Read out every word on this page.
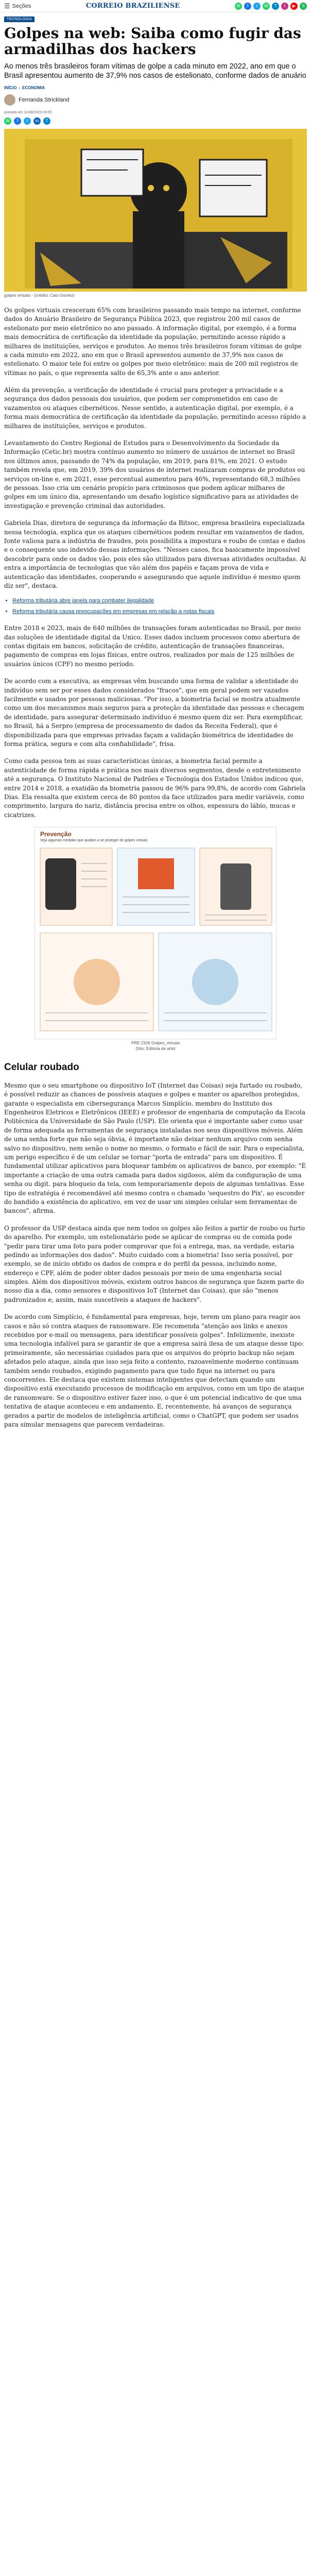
☰ Seções	CORREIO BRAZILIENSE	W	f	t	W	T	I	▶	S
TECNOLOGIA
Golpes na web: Saiba como fugir das armadilhas dos hackers

Ao menos três brasileiros foram vítimas de golpe a cada minuto em 2022, ano em que o Brasil apresentou aumento de 37,9% nos casos de estelionato, conforme dados de anuário

INÍCIO › ECONOMIA
Fernanda Strickland
postado em 11/08/2023 03:55
W	f	t	in	T
golpes virtuais - (crédito: Caio Gomez)

Os golpes virtuais cresceram 65% com brasileiros passando mais tempo na internet, conforme dados do Anuário Brasileiro de Segurança Pública 2023, que registrou 200 mil casos de estelionato por meio eletrônico no ano passado. A informação digital, por exemplo, é a forma mais democrática de certificação da identidade da população, permitindo acesso rápido a milhares de instituições, serviços e produtos. Ao menos três brasileiros foram vítimas de golpe a cada minuto em 2022, ano em que o Brasil apresentou aumento de 37,9% nos casos de estelionato. O maior tele foi entre os golpes por meio eletrônico: mais de 200 mil registros de vítimas no país, o que representa salto de 65,3% ante o ano anterior.

Além da prevenção, a verificação de identidade é crucial para proteger a privacidade e a segurança dos dados pessoais dos usuários, que podem ser comprometidos em caso de vazamentos ou ataques cibernéticos. Nesse sentido, a autenticação digital, por exemplo, é a forma mais democrática de certificação da identidade da população, permitindo acesso rápido a milhares de instituições, serviços e produtos.

Levantamento do Centro Regional de Estudos para o Desenvolvimento da Sociedade da Informação (Cetic.br) mostra contínuo aumento no número de usuários de internet no Brasil nos últimos anos, passando de 74% da população, em 2019, para 81%, em 2021. O estudo também revela que, em 2019, 39% dos usuários de internet realizaram compras de produtos ou serviços on-line e, em 2021, esse percentual aumentou para 46%, representando 68,3 milhões de pessoas. Isso cria um cenário propício para criminosos que podem aplicar milhares de golpes em um único dia, apresentando um desafio logístico significativo para as atividades de investigação e prevenção criminal das autoridades.

Gabriela Dias, diretora de segurança da informação da Bitsoc, empresa brasileira especializada nessa tecnologia, explica que os ataques cibernéticos podem resultar em vazamentos de dados, fonte valiosa para a indústria de fraudes, pois possibilita a impostura e roubo de contas e dados e o consequente uso indevido dessas informações. "Nesses casos, fica basicamente impossível descobrir para onde os dados vão, pois eles são utilizados para diversas atividades ocultadas. Ai entra a importância de tecnologias que vão além dos papéis e façam prova de vida e autenticação das identidades, cooperando e assegurando que aquele indivíduo é mesmo quem diz ser", destaca.

• Reforma tributária abre janela para combater ilegalidade
• Reforma tributária causa preocupações em empresas em relação a notas fiscais

Entre 2018 e 2023, mais de 640 milhões de transações foram autenticadas no Brasil, por meio das soluções de identidade digital da Unico. Esses dados incluem processos como abertura de contas digitais em bancos, solicitação de crédito, autenticação de transações financeiras, pagamento de compras em lojas físicas, entre outros, realizados por mais de 125 milhões de usuários únicos (CPF) no mesmo período.

De acordo com a executiva, as empresas vêm buscando uma forma de validar a identidade do indivíduo sem ser por esses dados considerados "fracos", que em geral podem ser vazados facilmente e usados por pessoas maliciosas. "Por isso, a biometria facial se mostra atualmente como um dos mecanismos mais seguros para a proteção da identidade das pessoas e checagem de identidade, para assegurar determinado indivíduo é mesmo quem diz ser. Para exemplificar, no Brasil, há a Serpro (empresa de processamento de dados da Receita Federal), que é disponibilizada para que empresas privadas façam a validação biométrica de identidades de forma prática, segura e com alta confiabilidade", frisa.

Como cada pessoa tem as suas características únicas, a biometria facial permite a autenticidade de forma rápida e prática nos mais diversos segmentos, desde o entretenimento até a segurança. O Instituto Nacional de Padrões e Tecnologia dos Estados Unidos indicou que, entre 2014 e 2018, a exatidão da biometria passou de 96% para 99,8%, de acordo com Gabriela Dias. Ela ressalta que existem cerca de 80 pontos da face utilizados para medir variáveis, como comprimento, largura do nariz, distância precisa entre os olhos, espessura do lábio, mucas e cicatrizes.

Prevenção
Veja algumas medidas que ajudam a se proteger de golpes virtuais
PRE-2106 Golpes_virtuais
(foto: Editoria de arte)
Celular roubado

Mesmo que o seu smartphone ou dispositivo IoT (Internet das Coisas) seja furtado ou roubado, é possível reduzir as chances de possíveis ataques e golpes e manter os aparelhos protegidos, garante o especialista em cibersegurança Marcos Simplício, membro do Instituto dos Engenheiros Eletricos e Eletrônicos (IEEE) e professor de engenharia de computação da Escola Politécnica da Universidade de São Paulo (USP). Ele orienta que é importante saber como usar de forma adequada as ferramentas de segurança instaladas nos seus dispositivos móveis. Além de uma senha forte que não seja óbvia, é importante não deixar nenhum arquivo com senha salvo no dispositivo, nem senão o nome no mesmo, o formato e fácil de sair. Para o especialista, um perigo específico é de um celular se tornar "porta de entrada" para um dispositivo. É fundamental utilizar aplicativos para bloquear também os aplicativos de banco, por exemplo: "É importante a criação de uma outra camada para dados sigilosos, além da configuração de uma senha ou digit. para bloqueio da tela, com temporariamente depois de algumas tentativas. Esse tipo de estratégia é recomendável até mesmo contra o chamado 'sequestro do Pix', ao esconder do bandido a existência do aplicativo, em vez de usar um simples celular sem ferramentas de bancos", afirma.

O professor da USP destaca ainda que nem todos os golpes são feitos a partir de roubo ou furto do aparelho. Por exemplo, um estelionatário pode se aplicar de compras ou de comida pode "pedir para tirar uma foto para poder comprovar que foi a entrega, mas, na verdade, estaria pedindo as informações dos dados". Muito cuidado com a biometria! Isso seria possível, por exemplo, se de início obtido os dados de compra e do perfil da pessoa, incluindo nome, endereço e CPF, além de poder obter dados pessoais por meio de uma engenharia social simples. Além dos dispositivos móveis, existem outros bancos de segurança que fazem parte do nosso dia a dia, como sensores e dispositivos IoT (Internet das Coisas), que são "menos padronizados e, assim, mais suscetíveis a ataques de hackers".

De acordo com Simplício, é fundamental para empresas, hoje, terem um plano para reagir aos casos e não só contra ataques de ransomware. Ele recomenda "atenção aos links e anexos recebidos por e-mail ou mensagens, para identificar possíveis golpes". Infelizmente, inexiste uma tecnologia infalível para se garantir de que a empresa sairá ilesa de um ataque desse tipo: primeiramente, são necessárias cuidados para que os arquivos do próprio backup não sejam afetados pelo ataque, ainda que isso seja feito a contento, razoavelmente moderno continuam também sendo roubados, exigindo pagamento para que tudo fique na internet ou para concorrentes. Ele destaca que existem sistemas inteligentes que detectam quando um dispositivo está executando processos de modificação em arquivos, como em um tipo de ataque de ransomware. Se o dispositivo estiver fazer isso, o que é um potencial indicativo de que uma tentativa de ataque aconteceu e em andamento. E, recentemente, há avanços de segurança gerados a partir de modelos de inteligência artificial, como o ChatGPT, que podem ser usados para simular mensagens que parecem verdadeiras.
